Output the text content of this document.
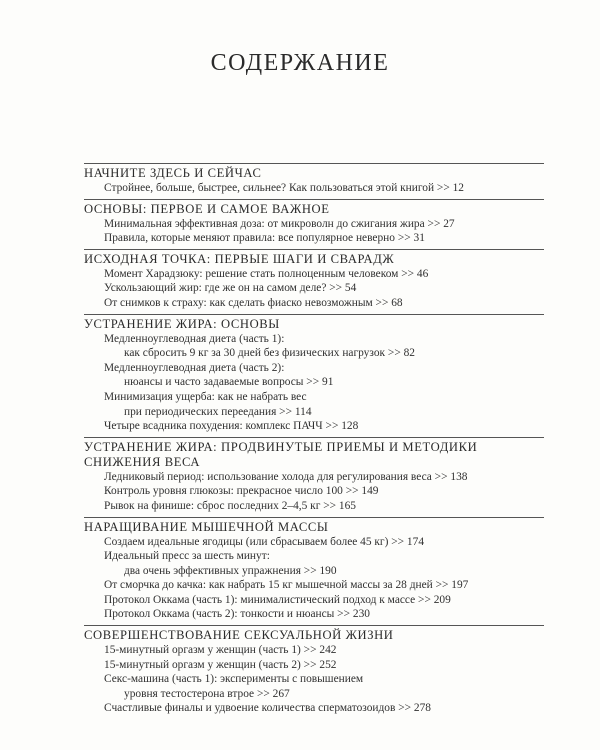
СОДЕРЖАНИЕ
НАЧНИТЕ ЗДЕСЬ И СЕЙЧАС
Стройнее, больше, быстрее, сильнее? Как пользоваться этой книгой >> 12
ОСНОВЫ: ПЕРВОЕ И САМОЕ ВАЖНОЕ
Минимальная эффективная доза: от микроволн до сжигания жира >> 27
Правила, которые меняют правила: все популярное неверно >> 31
ИСХОДНАЯ ТОЧКА: ПЕРВЫЕ ШАГИ И СВАРАДЖ
Момент Харадзюку: решение стать полноценным человеком >> 46
Ускользающий жир: где же он на самом деле? >> 54
От снимков к страху: как сделать фиаско невозможным >> 68
УСТРАНЕНИЕ ЖИРА: ОСНОВЫ
Медленноуглеводная диета (часть 1):
как сбросить 9 кг за 30 дней без физических нагрузок >> 82
Медленноуглеводная диета (часть 2):
нюансы и часто задаваемые вопросы >> 91
Минимизация ущерба: как не набрать вес
при периодических переедания >> 114
Четыре всадника похудения: комплекс ПАЧЧ >> 128
УСТРАНЕНИЕ ЖИРА: ПРОДВИНУТЫЕ ПРИЕМЫ И МЕТОДИКИ
СНИЖЕНИЯ ВЕСА
Ледниковый период: использование холода для регулирования веса >> 138
Контроль уровня глюкозы: прекрасное число 100 >> 149
Рывок на финише: сброс последних 2–4,5 кг >> 165
НАРАЩИВАНИЕ МЫШЕЧНОЙ МАССЫ
Создаем идеальные ягодицы (или сбрасываем более 45 кг) >> 174
Идеальный пресс за шесть минут:
два очень эффективных упражнения >> 190
От сморчка до качка: как набрать 15 кг мышечной массы за 28 дней >> 197
Протокол Оккама (часть 1): минималистический подход к массе >> 209
Протокол Оккама (часть 2): тонкости и нюансы >> 230
СОВЕРШЕНСТВОВАНИЕ СЕКСУАЛЬНОЙ ЖИЗНИ
15-минутный оргазм у женщин (часть 1) >> 242
15-минутный оргазм у женщин (часть 2) >> 252
Секс-машина (часть 1): эксперименты с повышением
уровня тестостерона втрое >> 267
Счастливые финалы и удвоение количества сперматозоидов >> 278
